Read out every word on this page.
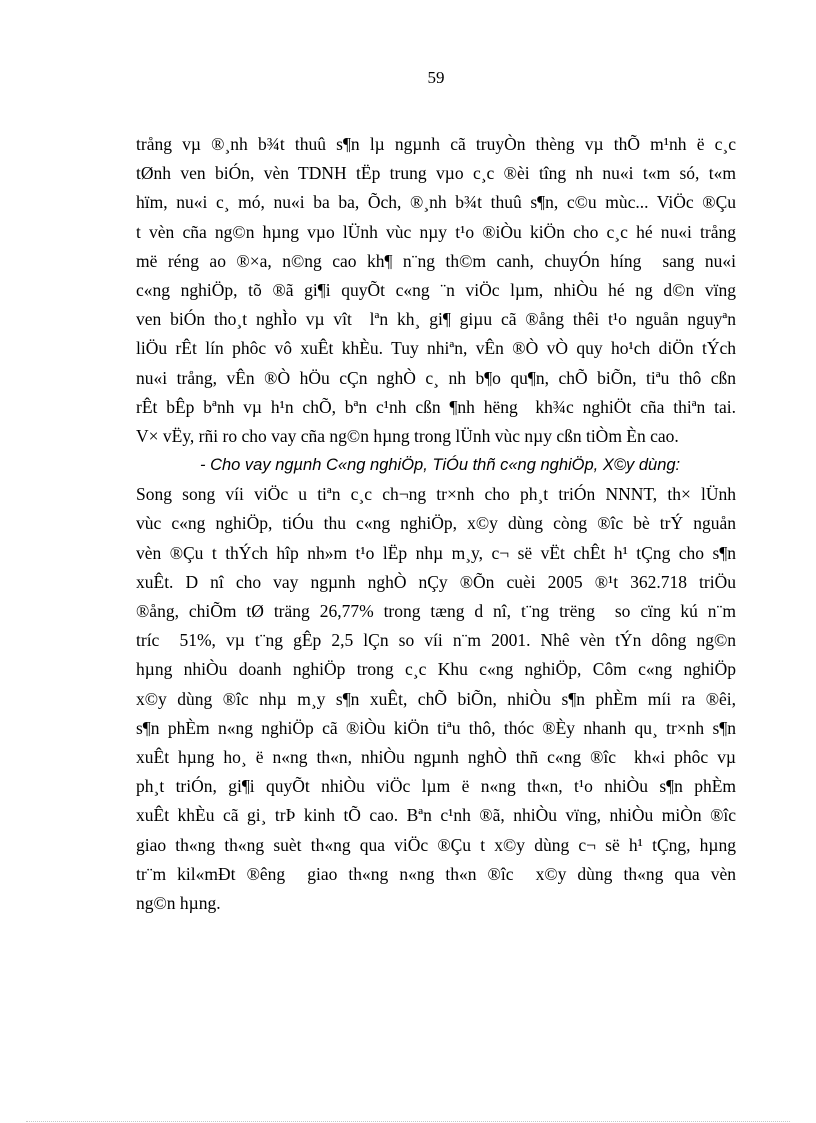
59
trång vµ ®¸nh b¾t thuû s¶n lµ ngµnh cã truyÒn thèng vµ thÕ m¹nh ë c¸c
tØnh ven biÓn, vèn TDNH tËp trung vµo c¸c ®èi tîng nh nu«i t«m só, t«m
hïm, nu«i c¸ mó, nu«i ba ba, Õch, ®¸nh b¾t thuû s¶n, c©u mùc... ViÖc ®Çu
t vèn cña ng©n hµng vµo lÜnh vùc nµy t¹o ®iÒu kiÖn cho c¸c hé nu«i trång
më réng ao ®×a, n©ng cao kh¶ n¨ng th©m canh, chuyÓn híng  sang nu«i
c«ng nghiÖp, tõ ®ã gi¶i quyÕt c«ng ¨n viÖc lµm, nhiÒu hé ng d©n vïng
ven biÓn tho¸t nghÌo vµ vît  lªn kh¸ gi¶ giµu cã ®ång thêi t¹o nguån nguyªn
liÖu rÊt lín phôc vô xuÊt khÈu. Tuy nhiªn, vÊn ®Ò vÒ quy ho¹ch diÖn tÝch
nu«i trång, vÊn ®Ò hÖu cÇn nghÒ c¸ nh b¶o qu¶n, chÕ biÕn, tiªu thô cßn
rÊt bÊp bªnh vµ h¹n chÕ, bªn c¹nh cßn ¶nh hëng  kh¾c nghiÖt cña thiªn tai.
V× vËy, rñi ro cho vay cña ng©n hµng trong lÜnh vùc nµy cßn tiÒm Èn cao.
- Cho vay ngµnh C«ng nghiÖp, TiÓu thñ c«ng nghiÖp, X©y dùng:
Song song víi viÖc u tiªn c¸c ch¬ng tr×nh cho ph¸t triÓn NNNT, th× lÜnh
vùc c«ng nghiÖp, tiÓu thu c«ng nghiÖp, x©y dùng còng ®îc bè trÝ nguån
vèn ®Çu t thÝch hîp nh»m t¹o lËp nhµ m¸y, c¬ së vËt chÊt h¹ tÇng cho s¶n
xuÊt. D nî cho vay ngµnh nghÒ nÇy ®Õn cuèi 2005 ®¹t 362.718 triÖu
®ång, chiÕm tØ träng 26,77% trong tæng d nî, t¨ng trëng  so cïng kú n¨m
tríc  51%, vµ t¨ng gÊp 2,5 lÇn so víi n¨m 2001. Nhê vèn tÝn dông ng©n
hµng nhiÒu doanh nghiÖp trong c¸c Khu c«ng nghiÖp, Côm c«ng nghiÖp
x©y dùng ®îc nhµ m¸y s¶n xuÊt, chÕ biÕn, nhiÒu s¶n phÈm míi ra ®êi,
s¶n phÈm n«ng nghiÖp cã ®iÒu kiÖn tiªu thô, thóc ®Èy nhanh qu¸ tr×nh s¶n
xuÊt hµng ho¸ ë n«ng th«n, nhiÒu ngµnh nghÒ thñ c«ng ®îc  kh«i phôc vµ
ph¸t triÓn, gi¶i quyÕt nhiÒu viÖc lµm ë n«ng th«n, t¹o nhiÒu s¶n phÈm
xuÊt khÈu cã gi¸ trÞ kinh tÕ cao. Bªn c¹nh ®ã, nhiÒu vïng, nhiÒu miÒn ®îc
giao th«ng th«ng suèt th«ng qua viÖc ®Çu t x©y dùng c¬ së h¹ tÇng, hµng
tr¨m kil«mÐt ®êng  giao th«ng n«ng th«n ®îc  x©y dùng th«ng qua vèn
ng©n hµng.
